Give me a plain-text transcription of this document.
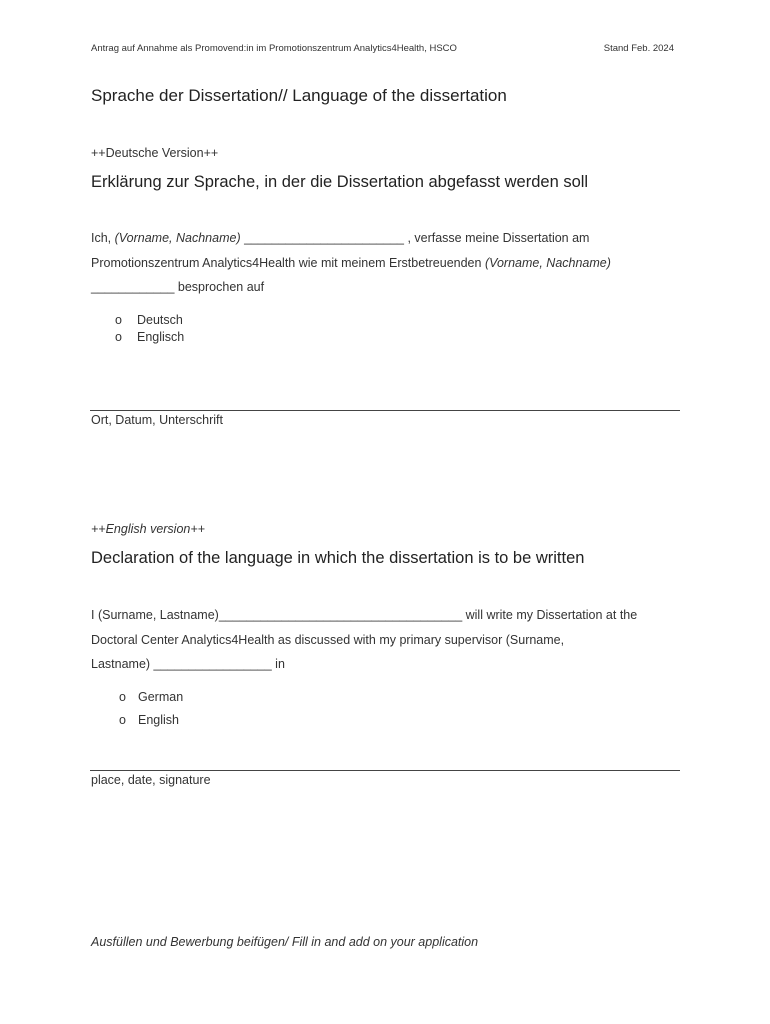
Antrag auf Annahme als Promovend:in im Promotionszentrum Analytics4Health, HSCO	Stand Feb. 2024
Sprache der Dissertation// Language of the dissertation
++Deutsche Version++
Erklärung zur Sprache, in der die Dissertation abgefasst werden soll
Ich, (Vorname, Nachname) _______________________ , verfasse meine Dissertation am
Promotionszentrum Analytics4Health wie mit meinem Erstbetreuenden (Vorname, Nachname)
____________ besprochen auf
o Deutsch
o Englisch
Ort, Datum, Unterschrift
++English version++
Declaration of the language in which the dissertation is to be written
I (Surname, Lastname)___________________________________ will write my Dissertation at the
Doctoral Center Analytics4Health as discussed with my primary supervisor (Surname,
Lastname) _________________ in
o German
o English
place, date, signature
Ausfüllen und Bewerbung beifügen/ Fill in and add on your application
